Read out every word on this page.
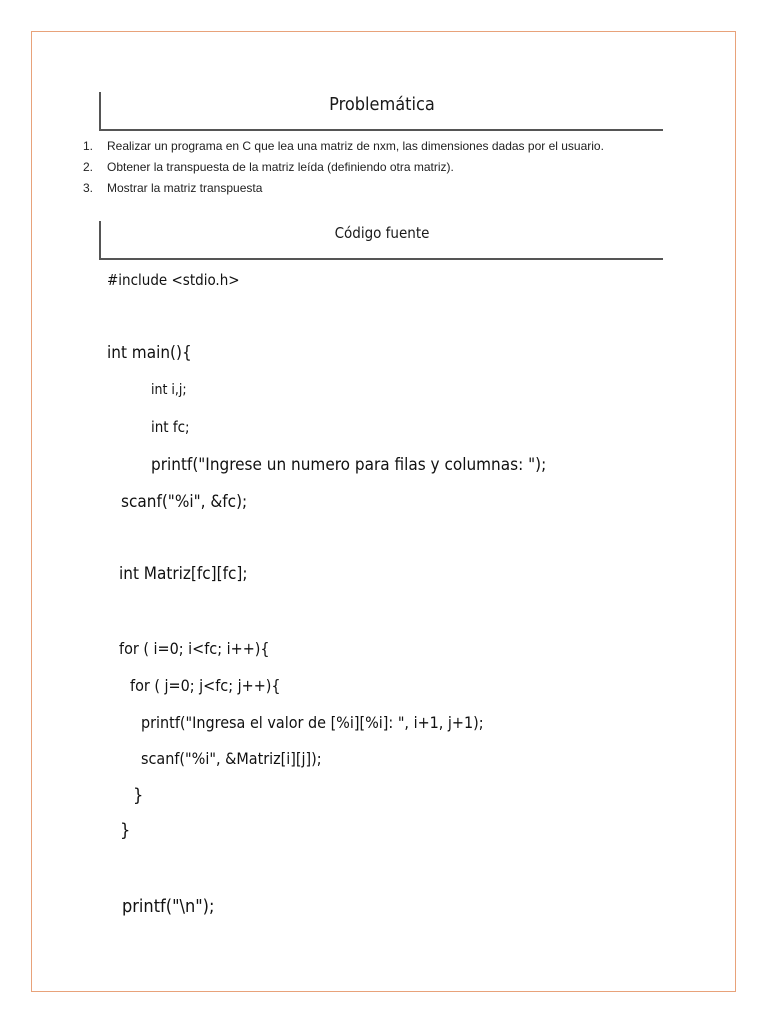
Problemática
1.	Realizar un programa en C que lea una matriz de nxm, las dimensiones dadas por el usuario.
2.	Obtener la transpuesta de la matriz leída (definiendo otra matriz).
3.	Mostrar la matriz transpuesta
Código fuente
#include <stdio.h>
int main(){
int i,j;
int fc;
printf("Ingrese un numero para filas y columnas: ");
scanf("%i", &fc);
int Matriz[fc][fc];
for ( i=0; i<fc; i++){
for ( j=0; j<fc; j++){
printf("Ingresa el valor de [%i][%i]: ", i+1, j+1);
scanf("%i", &Matriz[i][j]);
}
}
printf("\n");
